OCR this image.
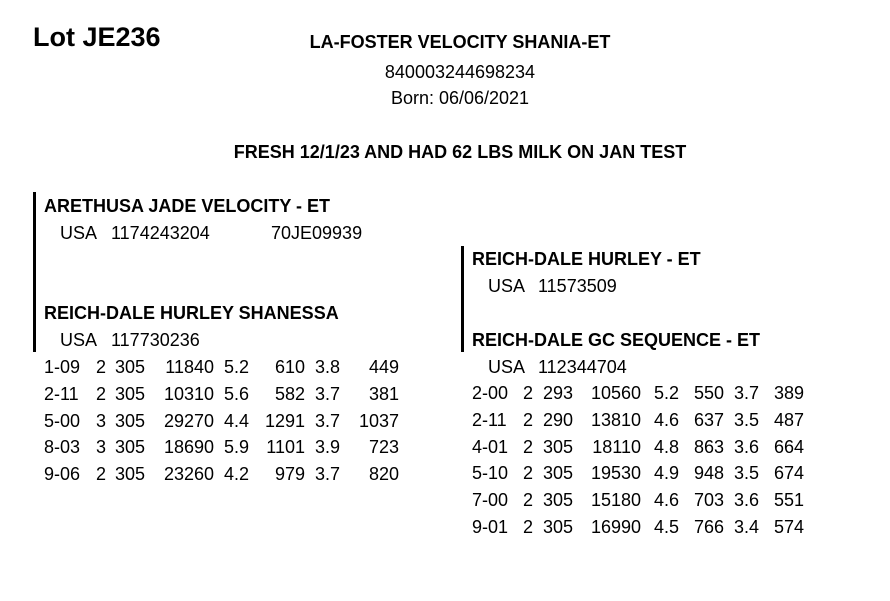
Lot JE236	LA-FOSTER VELOCITY SHANIA-ET
840003244698234
Born: 06/06/2021
FRESH 12/1/23 AND HAD 62 LBS MILK ON JAN TEST
ARETHUSA JADE VELOCITY - ET
USA 1174243204	70JE09939
REICH-DALE HURLEY SHANESSA
USA 117730236
REICH-DALE HURLEY - ET
USA 11573509
REICH-DALE GC SEQUENCE - ET
USA 112344704
1-09 2 305	11840 5.2	610 3.8	449
2-11 2 305	10310 5.6	582 3.7	381
5-00 3 305	29270 4.4 1291 3.7	1037
8-03 3 305	18690 5.9 1101 3.9	723
9-06 2 305	23260 4.2	979 3.7	820
2-00 2 293 10560 5.2 550 3.7 389
2-11 2 290 13810 4.6 637 3.5 487
4-01 2 305	18110 4.8 863 3.6 664
5-10 2 305 19530 4.9 948 3.5 674
7-00 2 305 15180 4.6 703 3.6 551
9-01 2 305 16990 4.5 766 3.4 574
